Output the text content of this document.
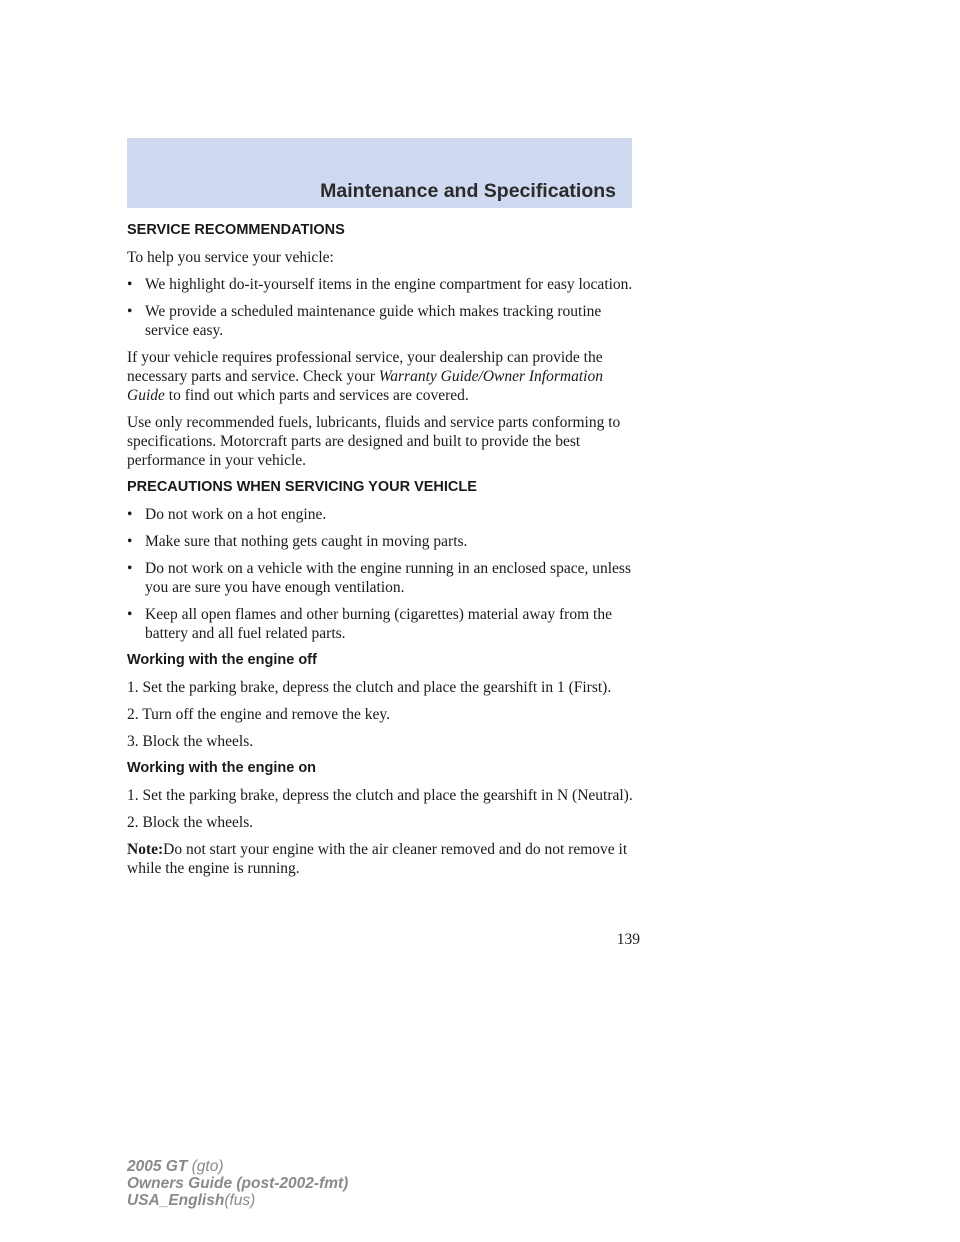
Maintenance and Specifications
SERVICE RECOMMENDATIONS
To help you service your vehicle:
• We highlight do-it-yourself items in the engine compartment for easy location.
• We provide a scheduled maintenance guide which makes tracking routine service easy.
If your vehicle requires professional service, your dealership can provide the necessary parts and service. Check your Warranty Guide/Owner Information Guide to find out which parts and services are covered.
Use only recommended fuels, lubricants, fluids and service parts conforming to specifications. Motorcraft parts are designed and built to provide the best performance in your vehicle.
PRECAUTIONS WHEN SERVICING YOUR VEHICLE
• Do not work on a hot engine.
• Make sure that nothing gets caught in moving parts.
• Do not work on a vehicle with the engine running in an enclosed space, unless you are sure you have enough ventilation.
• Keep all open flames and other burning (cigarettes) material away from the battery and all fuel related parts.
Working with the engine off
1. Set the parking brake, depress the clutch and place the gearshift in 1 (First).
2. Turn off the engine and remove the key.
3. Block the wheels.
Working with the engine on
1. Set the parking brake, depress the clutch and place the gearshift in N (Neutral).
2. Block the wheels.
Note:Do not start your engine with the air cleaner removed and do not remove it while the engine is running.
139
2005 GT (gto)
Owners Guide (post-2002-fmt)
USA_English(fus)
